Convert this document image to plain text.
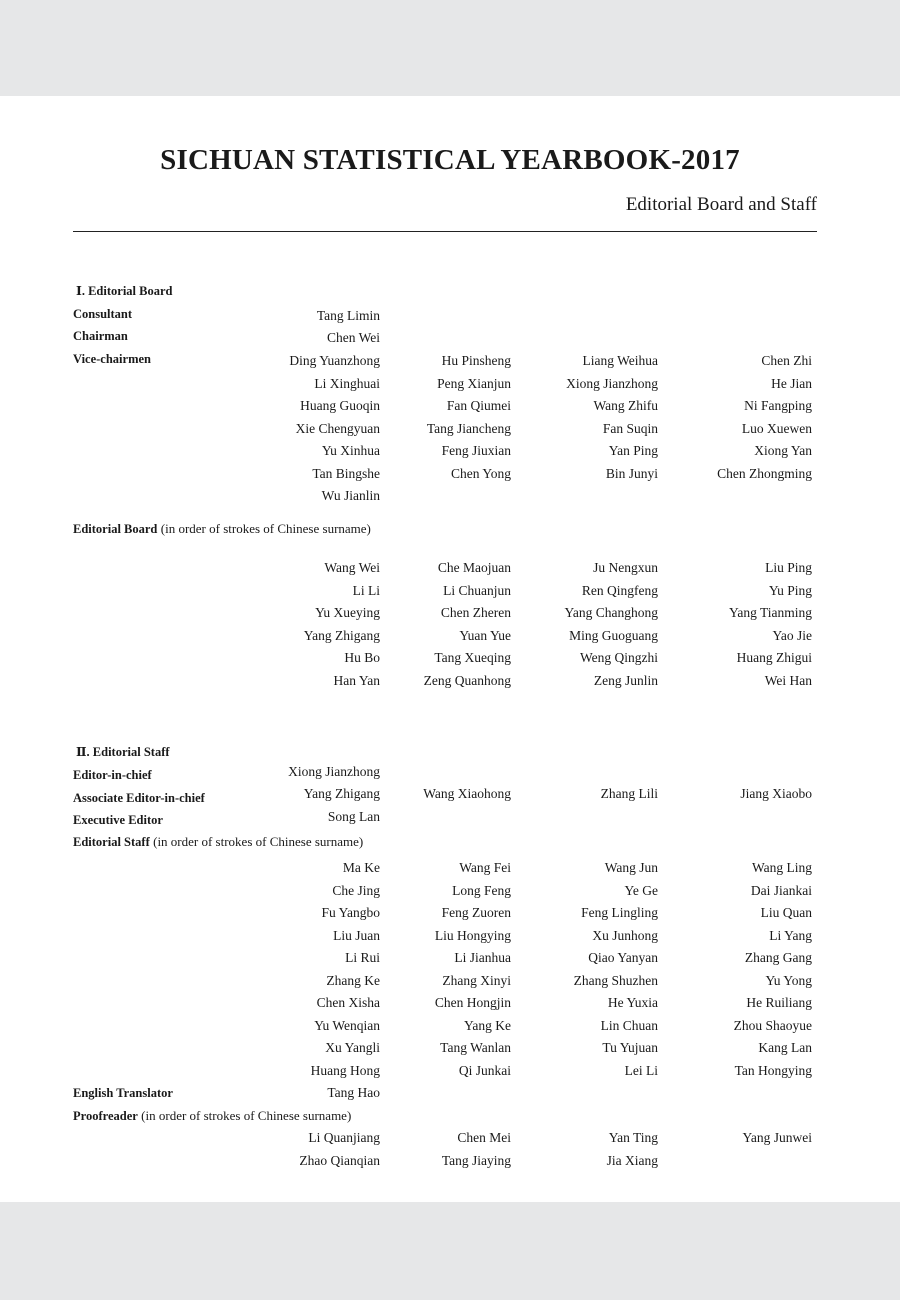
SICHUAN STATISTICAL YEARBOOK-2017
Editorial Board and Staff
Ⅰ. Editorial Board
Consultant	Tang Limin
Chairman	Chen Wei
Vice-chairmen	Ding Yuanzhong	Hu Pinsheng	Liang Weihua	Chen Zhi
Li Xinghuai	Peng Xianjun	Xiong Jianzhong	He Jian
Huang Guoqin	Fan Qiumei	Wang Zhifu	Ni Fangping
Xie Chengyuan	Tang Jiancheng	Fan Suqin	Luo Xuewen
Yu Xinhua	Feng Jiuxian	Yan Ping	Xiong Yan
Tan Bingshe	Chen Yong	Bin Junyi	Chen Zhongming
Wu Jianlin
Editorial Board (in order of strokes of Chinese surname)
Wang Wei	Che Maojuan	Ju Nengxun	Liu Ping
Li Li	Li Chuanjun	Ren Qingfeng	Yu Ping
Yu Xueying	Chen Zheren	Yang Changhong	Yang Tianming
Yang Zhigang	Yuan Yue	Ming Guoguang	Yao Jie
Hu Bo	Tang Xueqing	Weng Qingzhi	Huang Zhigui
Han Yan	Zeng Quanhong	Zeng Junlin	Wei Han
Ⅱ. Editorial Staff
Editor-in-chief	Xiong Jianzhong
Associate Editor-in-chief	Yang Zhigang	Wang Xiaohong	Zhang Lili	Jiang Xiaobo
Executive Editor	Song Lan
Editorial Staff (in order of strokes of Chinese surname)
Ma Ke	Wang Fei	Wang Jun	Wang Ling
Che Jing	Long Feng	Ye Ge	Dai Jiankai
Fu Yangbo	Feng Zuoren	Feng Lingling	Liu Quan
Liu Juan	Liu Hongying	Xu Junhong	Li Yang
Li Rui	Li Jianhua	Qiao Yanyan	Zhang Gang
Zhang Ke	Zhang Xinyi	Zhang Shuzhen	Yu Yong
Chen Xisha	Chen Hongjin	He Yuxia	He Ruiliang
Yu Wenqian	Yang Ke	Lin Chuan	Zhou Shaoyue
Xu Yangli	Tang Wanlan	Tu Yujuan	Kang Lan
Huang Hong	Qi Junkai	Lei Li	Tan Hongying
English Translator	Tang Hao
Proofreader (in order of strokes of Chinese surname)
Li Quanjiang	Chen Mei	Yan Ting	Yang Junwei
Zhao Qianqian	Tang Jiaying	Jia Xiang
